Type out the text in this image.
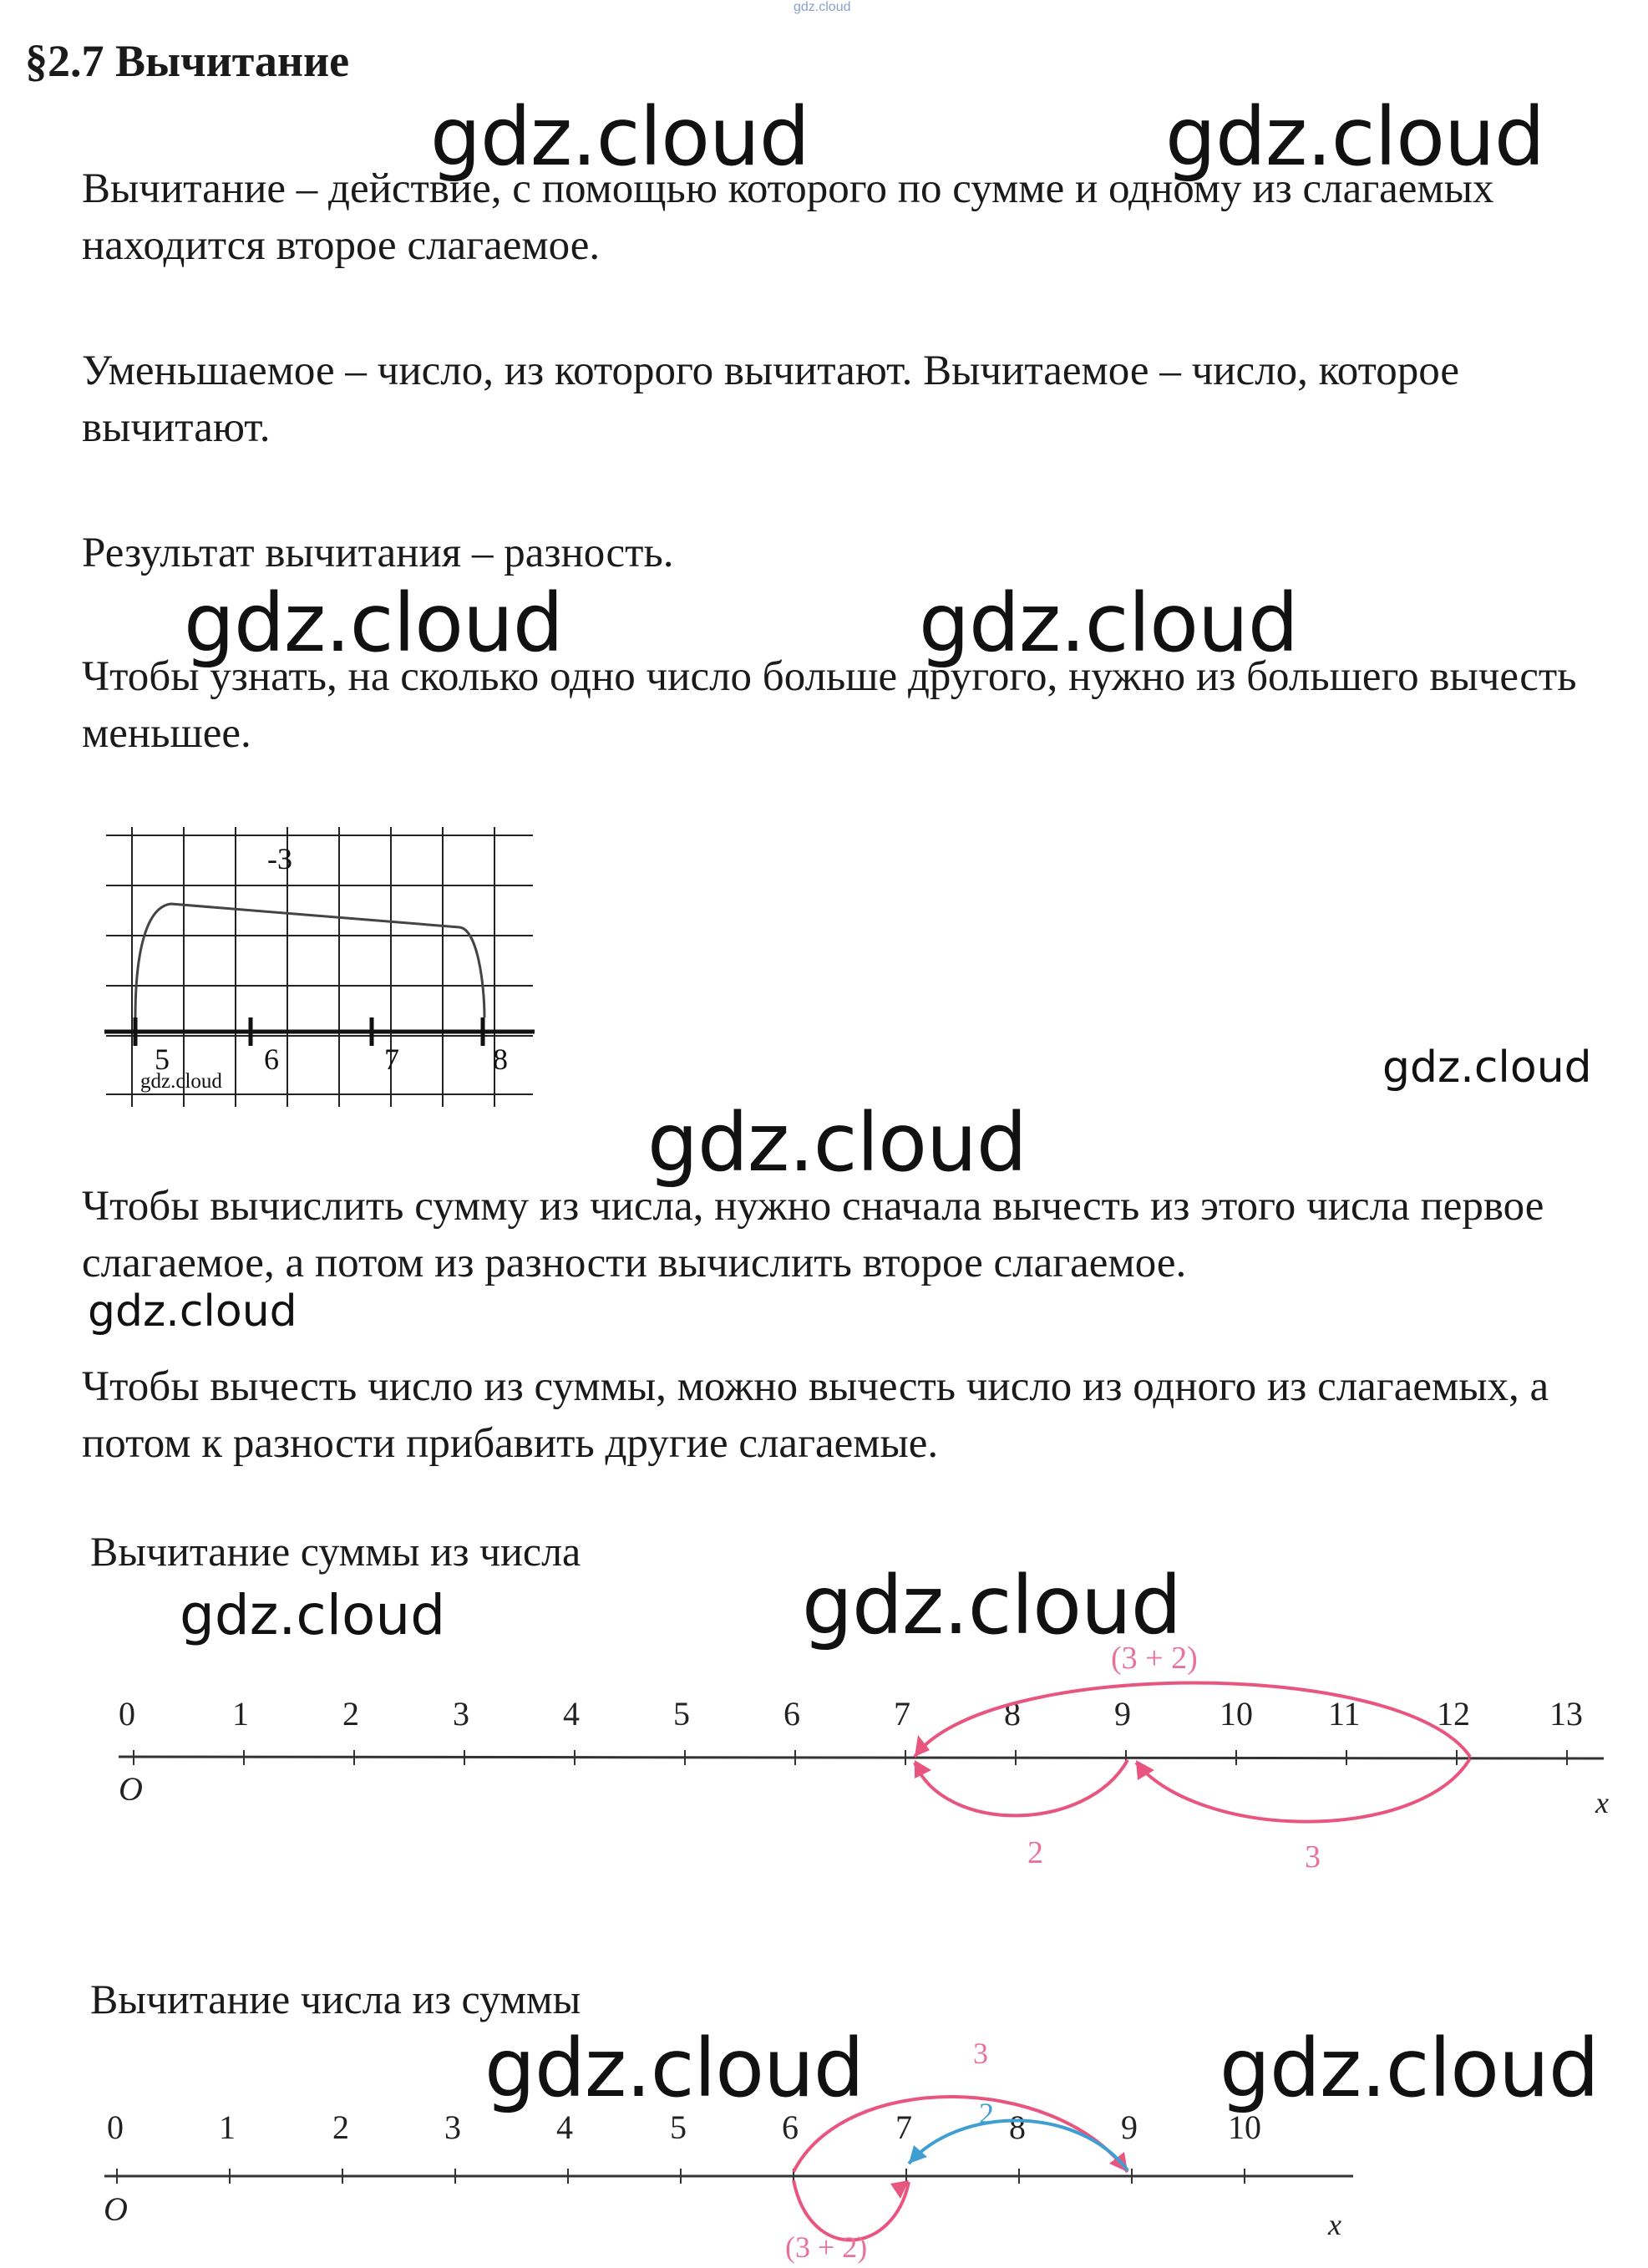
gdz.cloud
§2.7 Вычитание
Вычитание – действие, с помощью которого по сумме и одному из слагаемых находится второе слагаемое.
Уменьшаемое – число, из которого вычитают. Вычитаемое – число, которое вычитают.
Результат вычитания – разность.
Чтобы узнать, на сколько одно число больше другого, нужно из большего вычесть меньшее.
Чтобы вычислить сумму из числа, нужно сначала вычесть из этого числа первое слагаемое, а потом из разности вычислить второе слагаемое.
Чтобы вычесть число из суммы, можно вычесть число из одного из слагаемых, а потом к разности прибавить другие слагаемые.
gdz.cloud	gdz.cloud
gdz.cloud	gdz.cloud
gdz.cloud
gdz.cloud
gdz.cloud
gdz.cloud
gdz.cloud
gdz.cloud	gdz.cloud
-3
5	6	7	8
gdz.cloud
Вычитание суммы из числа
0	1	2	3	4	5	6	7	8	9	10 11 12 13
O	x
(3 + 2)
2	3
Вычитание числа из суммы
0	1	2	3	4	5	6	7	8	9	10
O	x
3
2
(3 + 2)
